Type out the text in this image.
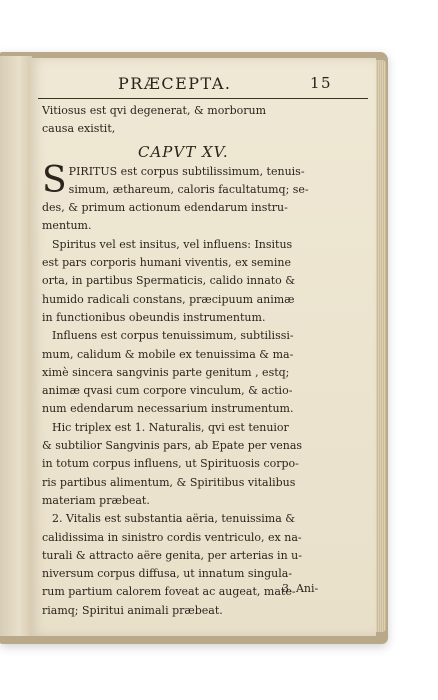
PRÆCEPTA.	15
Vitiosus est qvi degenerat, & morborum
causa existit,
CAPVT XV.
S PIRITUS est corpus subtilissimum, tenuis-
simum, æthareum, caloris facultatumq; se-
des, & primum actionum edendarum instru-
mentum.
Spiritus vel est insitus, vel influens: Insitus
est pars corporis humani viventis, ex semine
orta, in partibus Spermaticis, calido innato &
humido radicali constans, præcipuum animæ
in functionibus obeundis instrumentum.
Influens est corpus tenuissimum, subtilissi-
mum, calidum & mobile ex tenuissima & ma-
ximè sincera sangvinis parte genitum , estq;
animæ qvasi cum corpore vinculum, & actio-
num edendarum necessarium instrumentum.
Hic triplex est 1. Naturalis, qvi est tenuior
& subtilior Sangvinis pars, ab Epate per venas
in totum corpus influens, ut Spirituosis corpo-
ris partibus alimentum, & Spiritibus vitalibus
materiam præbeat.
2. Vitalis est substantia aëria, tenuissima &
calidissima in sinistro cordis ventriculo, ex na-
turali & attracto aëre genita, per arterias in u-
niversum corpus diffusa, ut innatum singula-
rum partium calorem foveat ac augeat, mate-
riamq; Spiritui animali præbeat.
3. Ani-
